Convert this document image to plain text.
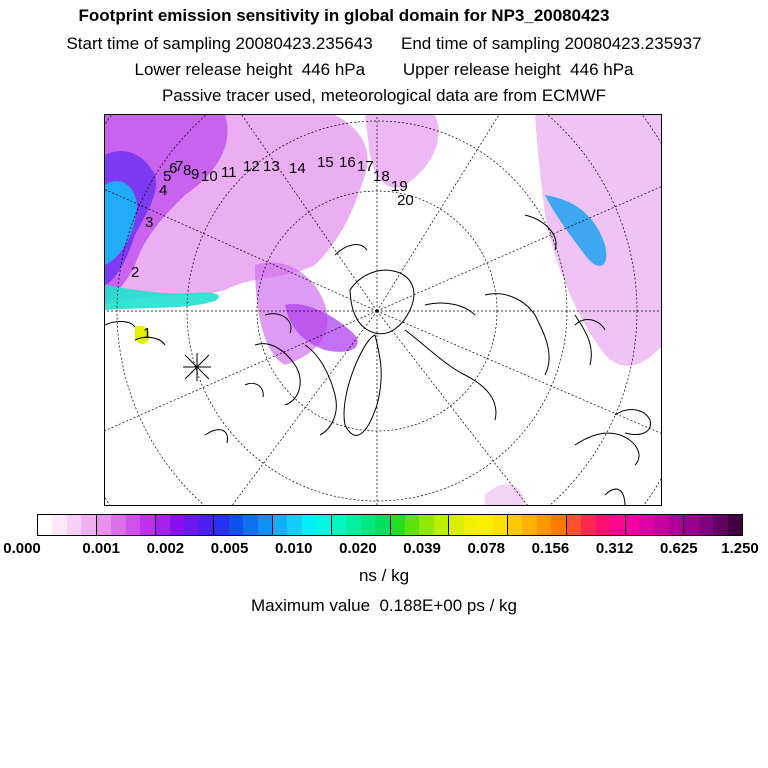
Footprint emission sensitivity in global domain for NP3_20080423
Start time of sampling 20080423.235643      End time of sampling 20080423.235937
Lower release height  446 hPa        Upper release height  446 hPa
Passive tracer used, meteorological data are from ECMWF
1
2
3
4
5
6
7 8 9 10 11 12 13 14 15 16 17
18
19
20
0.000	0.001 0.002 0.005 0.010 0.020 0.039 0.078 0.156 0.312 0.625 1.250
ns / kg
Maximum value  0.188E+00 ps / kg
